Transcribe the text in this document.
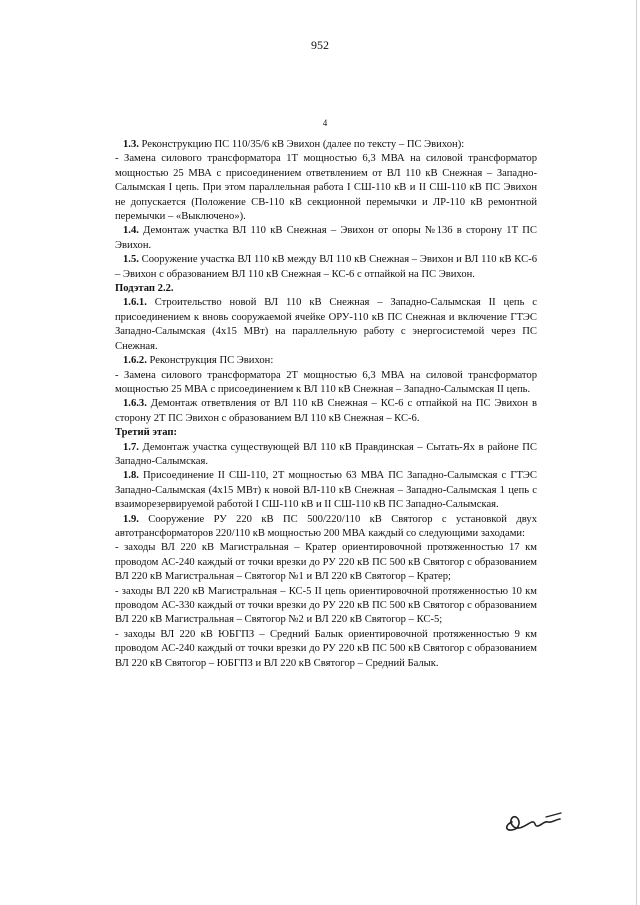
952
4

1.3. Реконструкцию ПС 110/35/6 кВ Эвихон (далее по тексту – ПС Эвихон):

- Замена силового трансформатора 1Т мощностью 6,3 МВА на силовой трансформатор мощностью 25 МВА с присоединением ответвлением от ВЛ 110 кВ Снежная – Западно-Салымская I цепь. При этом параллельная работа I СШ-110 кВ и II СШ-110 кВ ПС Эвихон не допускается (Положение СВ-110 кВ секционной перемычки и ЛР-110 кВ ремонтной перемычки – «Выключено»).

1.4. Демонтаж участка ВЛ 110 кВ Снежная – Эвихон от опоры №136 в сторону 1Т ПС Эвихон.

1.5. Сооружение участка ВЛ 110 кВ между ВЛ 110 кВ Снежная – Эвихон и ВЛ 110 кВ КС-6 – Эвихон с образованием ВЛ 110 кВ Снежная – КС-6 с отпайкой на ПС Эвихон.

Подэтап 2.2.

1.6.1. Строительство новой ВЛ 110 кВ Снежная – Западно-Салымская II цепь с присоединением к вновь сооружаемой ячейке ОРУ-110 кВ ПС Снежная и включение ГТЭС Западно-Салымская (4х15 МВт) на параллельную работу с энергосистемой через ПС Снежная.

1.6.2. Реконструкция ПС Эвихон:

- Замена силового трансформатора 2Т мощностью 6,3 МВА на силовой трансформатор мощностью 25 МВА с присоединением к ВЛ 110 кВ Снежная – Западно-Салымская II цепь.

1.6.3. Демонтаж ответвления от ВЛ 110 кВ Снежная – КС-6 с отпайкой на ПС Эвихон в сторону 2Т ПС Эвихон с образованием ВЛ 110 кВ Снежная – КС-6.

Третий этап:

1.7. Демонтаж участка существующей ВЛ 110 кВ Правдинская – Сытать-Ях в районе ПС Западно-Салымская.

1.8. Присоединение II СШ-110, 2Т мощностью 63 МВА ПС Западно-Салымская с ГТЭС Западно-Салымская (4х15 МВт) к новой ВЛ-110 кВ Снежная – Западно-Салымская 1 цепь с взаиморезервируемой работой I СШ-110 кВ и II СШ-110 кВ ПС Западно-Салымская.

1.9. Сооружение РУ 220 кВ ПС 500/220/110 кВ Святогор с установкой двух автотрансформаторов 220/110 кВ мощностью 200 МВА каждый со следующими заходами:

- заходы ВЛ 220 кВ Магистральная – Кратер ориентировочной протяженностью 17 км проводом АС-240 каждый от точки врезки до РУ 220 кВ ПС 500 кВ Святогор с образованием ВЛ 220 кВ Магистральная – Святогор №1 и ВЛ 220 кВ Святогор – Кратер;

- заходы ВЛ 220 кВ Магистральная – КС-5 II цепь ориентировочной протяженностью 10 км проводом АС-330 каждый от точки врезки до РУ 220 кВ ПС 500 кВ Святогор с образованием ВЛ 220 кВ Магистральная – Святогор №2 и ВЛ 220 кВ Святогор – КС-5;

- заходы ВЛ 220 кВ ЮБГПЗ – Средний Балык ориентировочной протяженностью 9 км проводом АС-240 каждый от точки врезки до РУ 220 кВ ПС 500 кВ Святогор с образованием ВЛ 220 кВ Святогор – ЮБГПЗ и ВЛ 220 кВ Святогор – Средний Балык.
